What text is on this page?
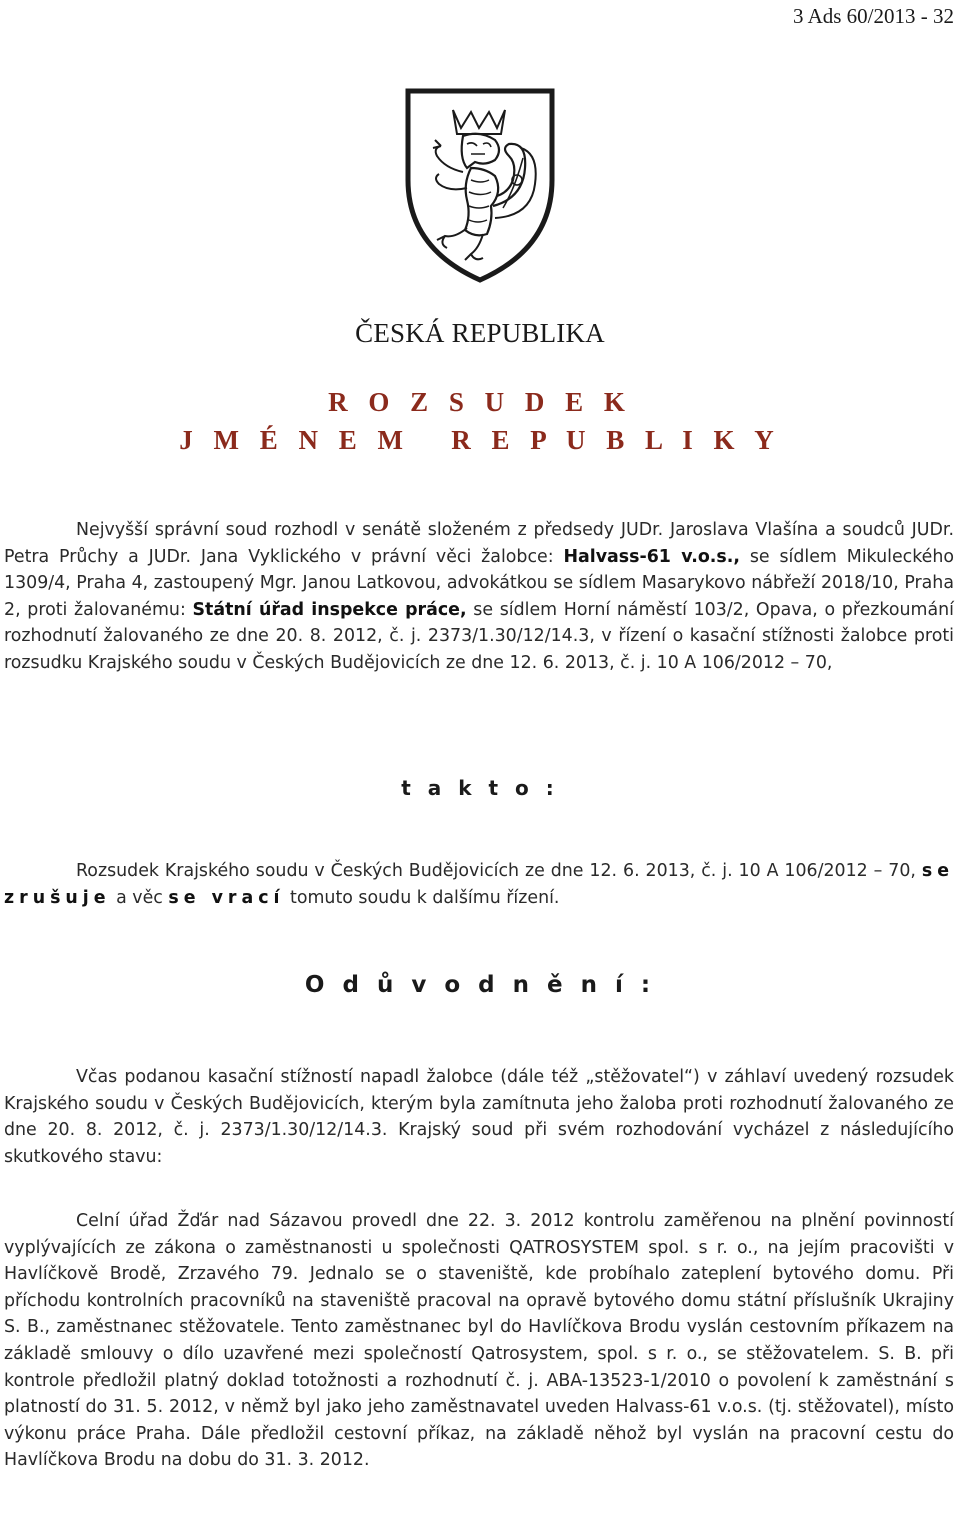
3 Ads 60/2013 - 32
ČESKÁ REPUBLIKA
R O Z S U D E K
J M É N E M   R E P U B L I K Y
Nejvyšší správní soud rozhodl v senátě složeném z předsedy JUDr. Jaroslava Vlašína a soudců JUDr. Petra Průchy a JUDr. Jana Vyklického v právní věci žalobce: Halvass-61 v.o.s., se sídlem Mikuleckého 1309/4, Praha 4, zastoupený Mgr. Janou Latkovou, advokátkou se sídlem Masarykovo nábřeží 2018/10, Praha 2, proti žalovanému: Státní úřad inspekce práce, se sídlem Horní náměstí 103/2, Opava, o přezkoumání rozhodnutí žalovaného ze dne 20. 8. 2012, č. j. 2373/1.30/12/14.3, v řízení o kasační stížnosti žalobce proti rozsudku Krajského soudu v Českých Budějovicích ze dne 12. 6. 2013, č. j. 10 A 106/2012 – 70,
t a k t o :
Rozsudek Krajského soudu v Českých Budějovicích ze dne 12. 6. 2013, č. j. 10 A 106/2012 – 70, se zrušuje a věc se vrací tomuto soudu k dalšímu řízení.
O d ů v o d n ě n í :
Včas podanou kasační stížností napadl žalobce (dále též „stěžovatel“) v záhlaví uvedený rozsudek Krajského soudu v Českých Budějovicích, kterým byla zamítnuta jeho žaloba proti rozhodnutí žalovaného ze dne 20. 8. 2012, č. j. 2373/1.30/12/14.3. Krajský soud při svém rozhodování vycházel z následujícího skutkového stavu:
Celní úřad Žďár nad Sázavou provedl dne 22. 3. 2012 kontrolu zaměřenou na plnění povinností vyplývajících ze zákona o zaměstnanosti u společnosti QATROSYSTEM spol. s r. o., na jejím pracovišti v Havlíčkově Brodě, Zrzavého 79. Jednalo se o staveniště, kde probíhalo zateplení bytového domu. Při příchodu kontrolních pracovníků na staveniště pracoval na opravě bytového domu státní příslušník Ukrajiny S. B., zaměstnanec stěžovatele. Tento zaměstnanec byl do Havlíčkova Brodu vyslán cestovním příkazem na základě smlouvy o dílo uzavřené mezi společností Qatrosystem, spol. s r. o., se stěžovatelem. S. B. při kontrole předložil platný doklad totožnosti a rozhodnutí č. j. ABA-13523-1/2010 o povolení k zaměstnání s platností do 31. 5. 2012, v němž byl jako jeho zaměstnavatel uveden Halvass-61 v.o.s. (tj. stěžovatel), místo výkonu práce Praha. Dále předložil cestovní příkaz, na základě něhož byl vyslán na pracovní cestu do Havlíčkova Brodu na dobu do 31. 3. 2012.
